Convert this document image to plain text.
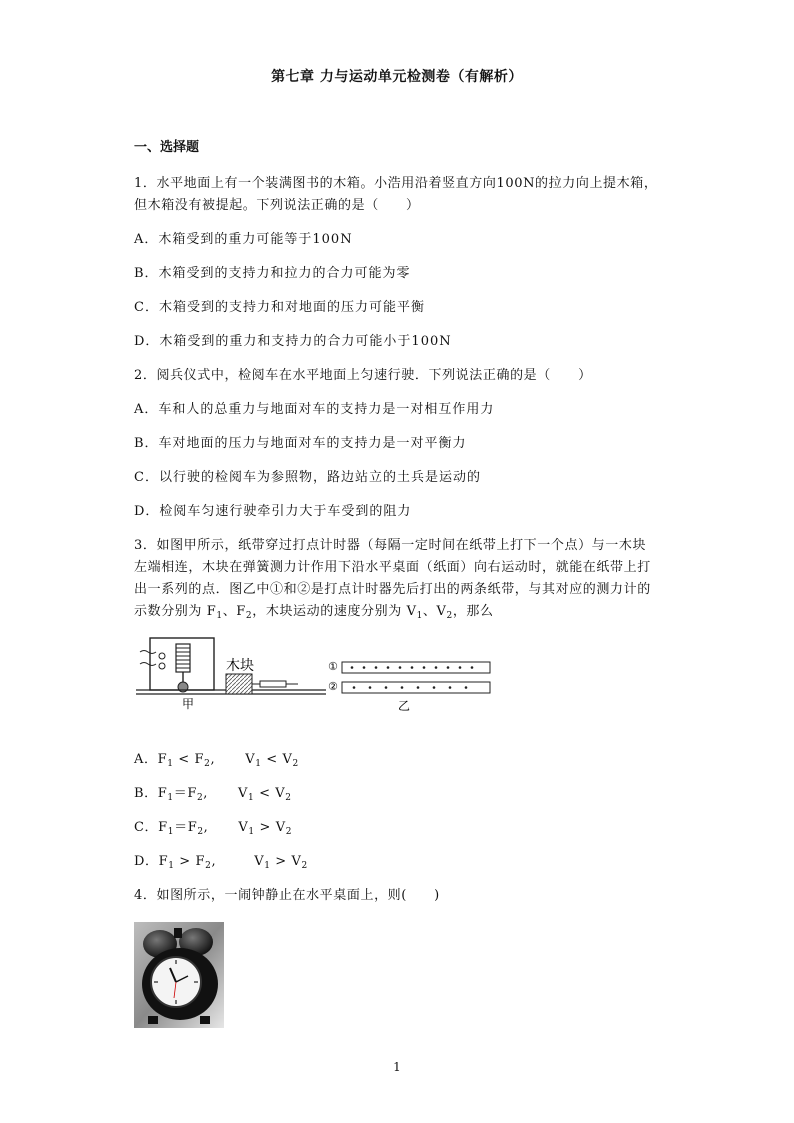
第七章 力与运动单元检测卷（有解析）
一、选择题
1．水平地面上有一个装满图书的木箱。小浩用沿着竖直方向100N的拉力向上提木箱，
但木箱没有被提起。下列说法正确的是（　　）
A．木箱受到的重力可能等于100N
B．木箱受到的支持力和拉力的合力可能为零
C．木箱受到的支持力和对地面的压力可能平衡
D．木箱受到的重力和支持力的合力可能小于100N
2．阅兵仪式中，检阅车在水平地面上匀速行驶．下列说法正确的是（　　）
A．车和人的总重力与地面对车的支持力是一对相互作用力
B．车对地面的压力与地面对车的支持力是一对平衡力
C．以行驶的检阅车为参照物，路边站立的土兵是运动的
D．检阅车匀速行驶牵引力大于车受到的阻力
3．如图甲所示，纸带穿过打点计时器（每隔一定时间在纸带上打下一个点）与一木块
左端相连，木块在弹簧测力计作用下沿水平桌面（纸面）向右运动时，就能在纸带上打
出一系列的点．图乙中①和②是打点计时器先后打出的两条纸带，与其对应的测力计的
示数分别为 $F_1$、$F_2$，木块运动的速度分别为 $V_1$、$V_2$，那么
木块
甲
①
②
乙
A．$F_1 < F_2$, $V_1 < V_2$
B．$F_1=F_2$, $V_1 < V_2$
C．$F_1=F_2$, $V_1 > V_2$
D．$F_1 > F_2$,	$V_1 > V_2$
4．如图所示，一闹钟静止在水平桌面上，则(　　)
1
